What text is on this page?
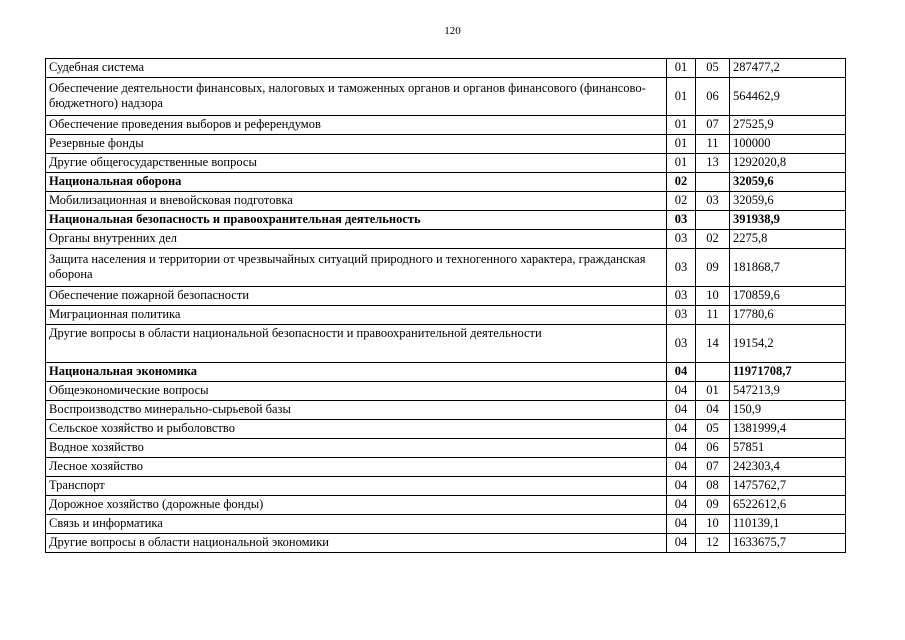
120
Судебная система	01	05	287477,2
Обеспечение деятельности финансовых, налоговых и таможенных органов и органов финансового (финансово-бюджетного) надзора	01	06	564462,9
Обеспечение проведения выборов и референдумов	01	07	27525,9
Резервные фонды	01	11	100000
Другие общегосударственные вопросы	01	13	1292020,8
Национальная оборона	02		32059,6
Мобилизационная и вневойсковая подготовка	02	03	32059,6
Национальная безопасность и правоохранительная деятельность	03		391938,9
Органы внутренних дел	03	02	2275,8
Защита населения и территории от чрезвычайных ситуаций природного и техногенного характера, гражданская оборона	03	09	181868,7
Обеспечение пожарной безопасности	03	10	170859,6
Миграционная политика	03	11	17780,6
Другие вопросы в области национальной безопасности и правоохранительной деятельности	03	14	19154,2
Национальная экономика	04		11971708,7
Общеэкономические вопросы	04	01	547213,9
Воспроизводство минерально-сырьевой базы	04	04	150,9
Сельское хозяйство и рыболовство	04	05	1381999,4
Водное хозяйство	04	06	57851
Лесное хозяйство	04	07	242303,4
Транспорт	04	08	1475762,7
Дорожное хозяйство (дорожные фонды)	04	09	6522612,6
Связь и информатика	04	10	110139,1
Другие вопросы в области национальной экономики	04	12	1633675,7
